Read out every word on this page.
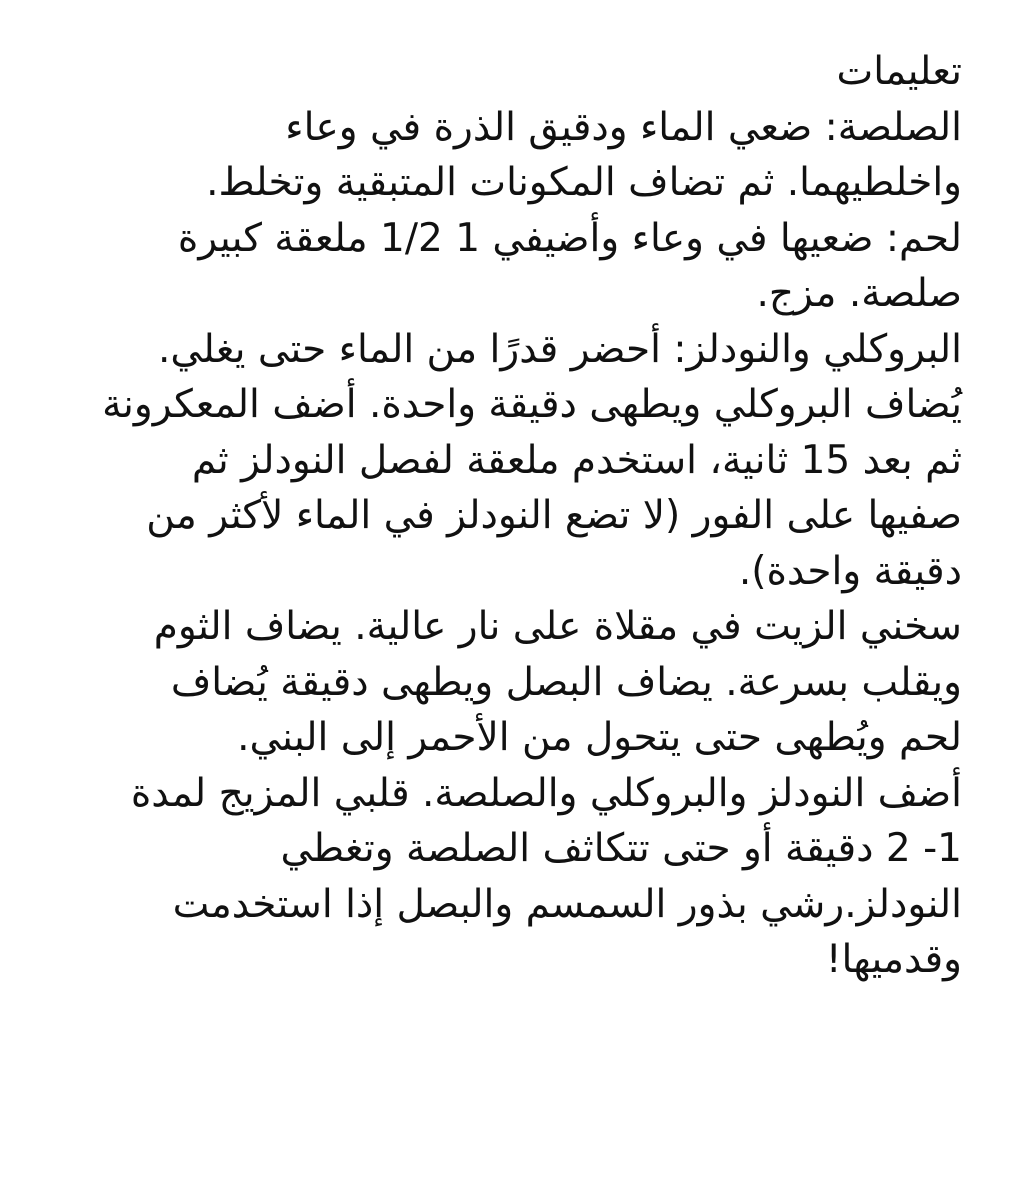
تعليمات
الصلصة: ضعي الماء ودقيق الذرة في وعاء
واخلطيهما. ثم تضاف المكونات المتبقية وتخلط.
لحم: ضعيها في وعاء وأضيفي 1 1/2 ملعقة كبيرة
صلصة. مزج.
البروكلي والنودلز: أحضر قدرًا من الماء حتى يغلي.
يُضاف البروكلي ويطهى دقيقة واحدة. أضف المعكرونة
ثم بعد 15 ثانية، استخدم ملعقة لفصل النودلز ثم
صفيها على الفور (لا تضع النودلز في الماء لأكثر من
دقيقة واحدة).
سخني الزيت في مقلاة على نار عالية. يضاف الثوم
ويقلب بسرعة. يضاف البصل ويطهى دقيقة يُضاف
لحم ويُطهى حتى يتحول من الأحمر إلى البني.
أضف النودلز والبروكلي والصلصة. قلبي المزيج لمدة
1- 2 دقيقة أو حتى تتكاثف الصلصة وتغطي
النودلز.رشي بذور السمسم والبصل إذا استخدمت
وقدميها!
